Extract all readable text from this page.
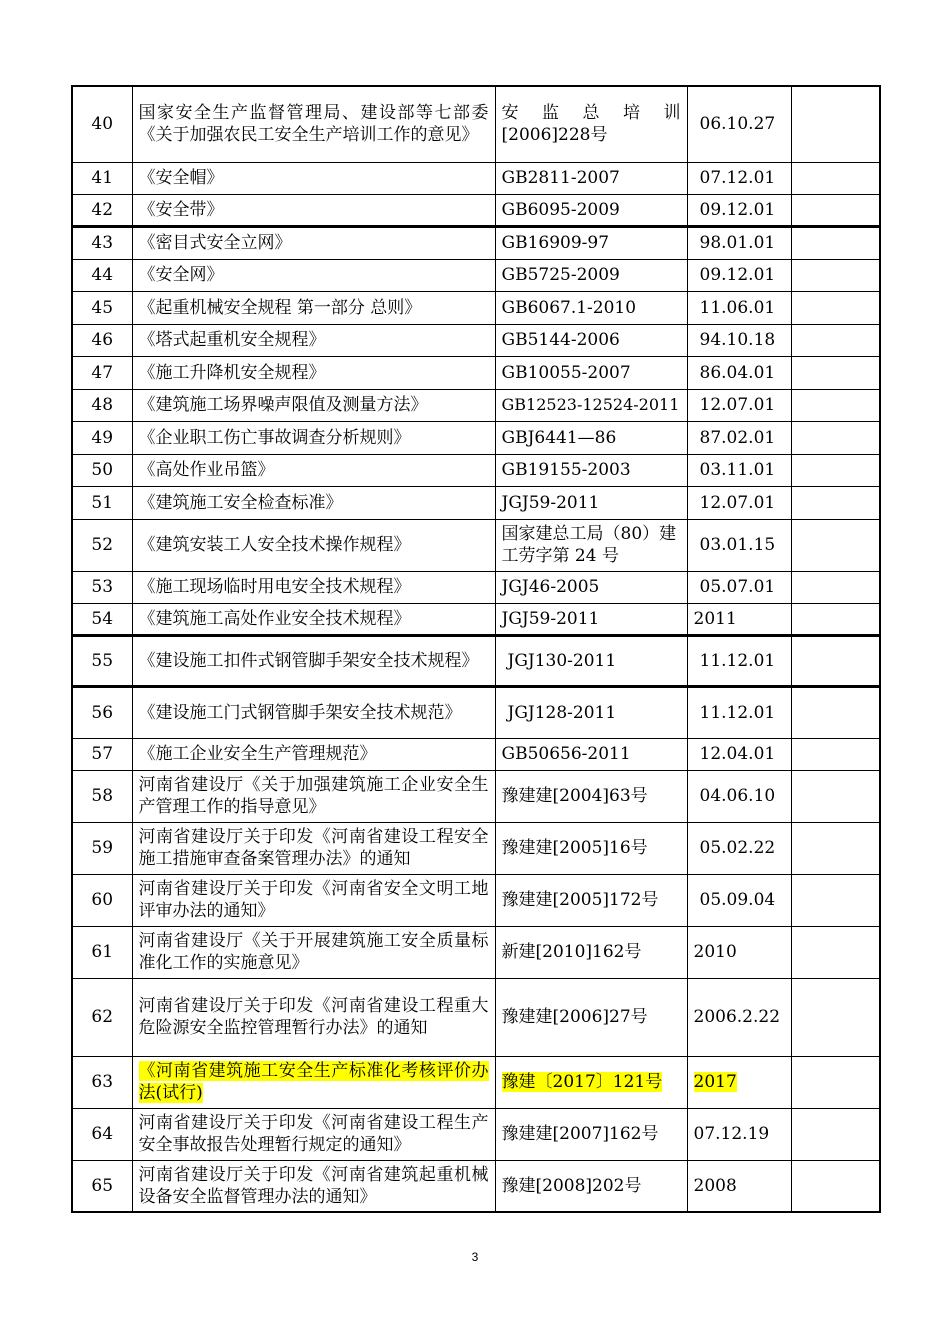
40	国家安全生产监督管理局、建设部等七部委《关于加强农民工安全生产培训工作的意见》	安 监 总 培 训[2006]228号	06.10.27	
41	《安全帽》	GB2811-2007	07.12.01	
42	《安全带》	GB6095-2009	09.12.01	
43	《密目式安全立网》	GB16909-97	98.01.01	
44	《安全网》	GB5725-2009	09.12.01	
45	《起重机械安全规程 第一部分 总则》	GB6067.1-2010	11.06.01	
46	《塔式起重机安全规程》	GB5144-2006	94.10.18	
47	《施工升降机安全规程》	GB10055-2007	86.04.01	
48	《建筑施工场界噪声限值及测量方法》	GB12523-12524-2011	12.07.01	
49	《企业职工伤亡事故调查分析规则》	GBJ6441—86	87.02.01	
50	《高处作业吊篮》	GB19155-2003	03.11.01	
51	《建筑施工安全检查标准》	JGJ59-2011	12.07.01	
52	《建筑安装工人安全技术操作规程》	国家建总工局（80）建工劳字第 24 号	03.01.15	
53	《施工现场临时用电安全技术规程》	JGJ46-2005	05.07.01	
54	《建筑施工高处作业安全技术规程》	JGJ59-2011	2011	
55	《建设施工扣件式钢管脚手架安全技术规程》	JGJ130-2011	11.12.01	
56	《建设施工门式钢管脚手架安全技术规范》	JGJ128-2011	11.12.01	
57	《施工企业安全生产管理规范》	GB50656-2011	12.04.01	
58	河南省建设厅《关于加强建筑施工企业安全生产管理工作的指导意见》	豫建建[2004]63号	04.06.10	
59	河南省建设厅关于印发《河南省建设工程安全施工措施审查备案管理办法》的通知	豫建建[2005]16号	05.02.22	
60	河南省建设厅关于印发《河南省安全文明工地评审办法的通知》	豫建建[2005]172号	05.09.04	
61	河南省建设厅《关于开展建筑施工安全质量标准化工作的实施意见》	新建[2010]162号	2010	
62	河南省建设厅关于印发《河南省建设工程重大危险源安全监控管理暂行办法》的通知	豫建建[2006]27号	2006.2.22	
63	《河南省建筑施工安全生产标准化考核评价办法(试行)	豫建〔2017〕121号	2017	
64	河南省建设厅关于印发《河南省建设工程生产安全事故报告处理暂行规定的通知》	豫建建[2007]162号	07.12.19	
65	河南省建设厅关于印发《河南省建筑起重机械设备安全监督管理办法的通知》	豫建[2008]202号	2008	
3
